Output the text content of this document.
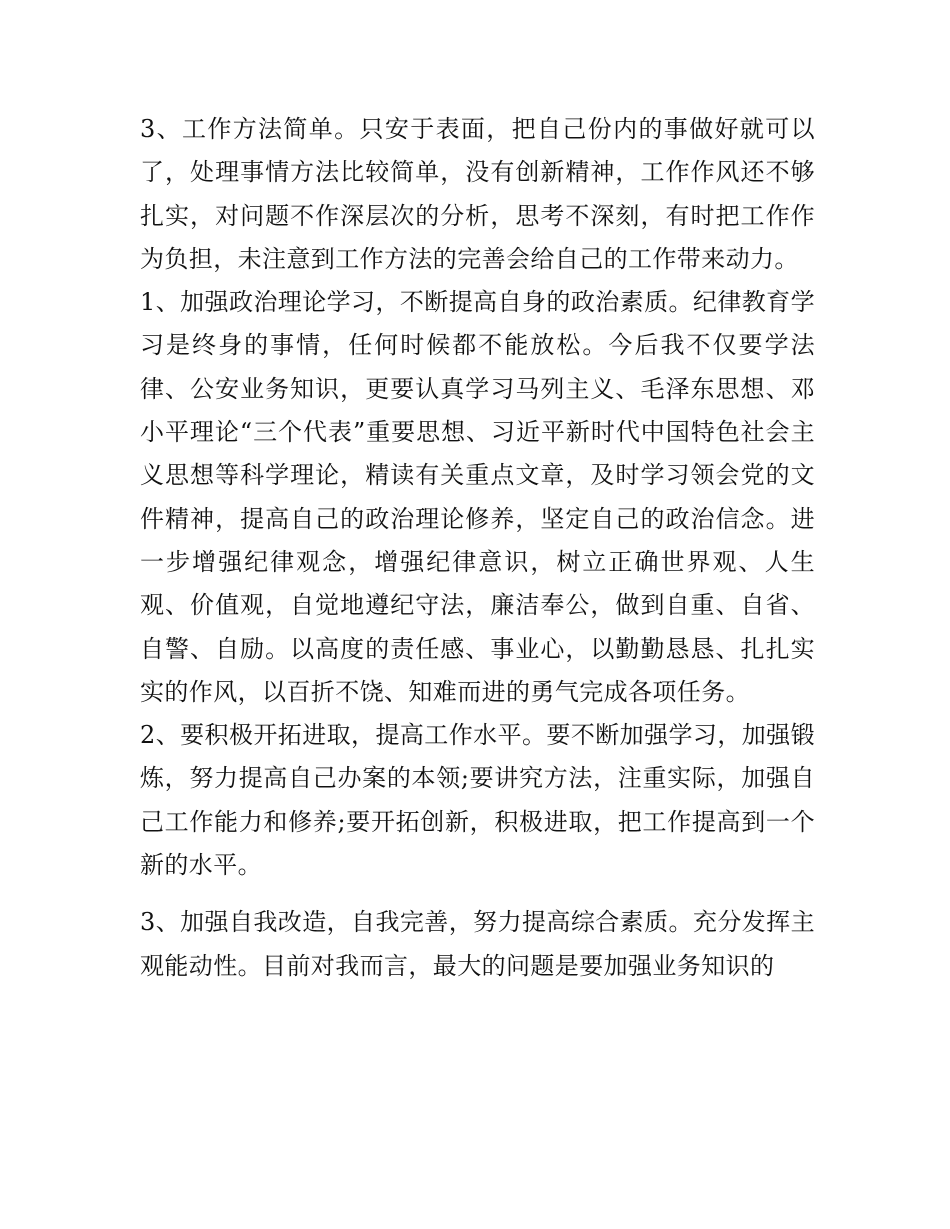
3、工作方法简单。只安于表面，把自己份内的事做好就可以了，处理事情方法比较简单，没有创新精神，工作作风还不够扎实，对问题不作深层次的分析，思考不深刻，有时把工作作为负担，未注意到工作方法的完善会给自己的工作带来动力。

1、加强政治理论学习，不断提高自身的政治素质。纪律教育学习是终身的事情，任何时候都不能放松。今后我不仅要学法律、公安业务知识，更要认真学习马列主义、毛泽东思想、邓小平理论“三个代表”重要思想、习近平新时代中国特色社会主义思想等科学理论，精读有关重点文章，及时学习领会党的文件精神，提高自己的政治理论修养，坚定自己的政治信念。进一步增强纪律观念，增强纪律意识，树立正确世界观、人生观、价值观，自觉地遵纪守法，廉洁奉公，做到自重、自省、自警、自励。以高度的责任感、事业心，以勤勤恳恳、扎扎实实的作风，以百折不饶、知难而进的勇气完成各项任务。

2、要积极开拓进取，提高工作水平。要不断加强学习，加强锻炼，努力提高自己办案的本领;要讲究方法，注重实际，加强自己工作能力和修养;要开拓创新，积极进取，把工作提高到一个新的水平。

3、加强自我改造，自我完善，努力提高综合素质。充分发挥主观能动性。目前对我而言，最大的问题是要加强业务知识的
